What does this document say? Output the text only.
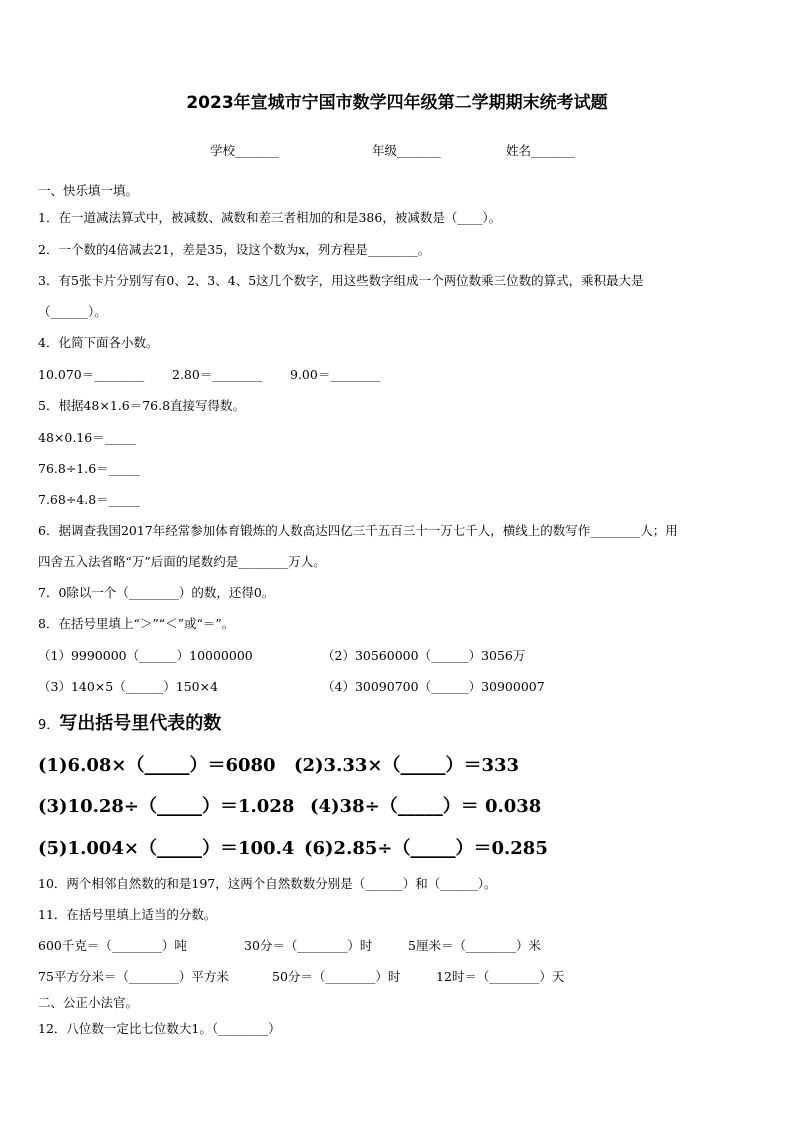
2023年宣城市宁国市数学四年级第二学期期末统考试题
学校_______	年级_______	姓名_______
一、快乐填一填。
1．在一道减法算式中，被减数、减数和差三者相加的和是386，被减数是（____）。
2．一个数的4倍减去21，差是35，设这个数为x，列方程是________。
3．有5张卡片分别写有0、2、3、4、5这几个数字，用这些数字组成一个两位数乘三位数的算式，乘积最大是
（______）。
4．化简下面各小数。
10.070＝________ 2.80＝________ 9.00＝________
5．根据48×1.6＝76.8直接写得数。
48×0.16＝_____
76.8÷1.6＝_____
7.68÷4.8＝_____
6．据调查我国2017年经常参加体育锻炼的人数高达四亿三千五百三十一万七千人，横线上的数写作________人；用
四舍五入法省略“万”后面的尾数约是________万人。
7．0除以一个（________）的数，还得0。
8．在括号里填上“＞”“＜”或“＝”。
（1）9990000（______）10000000	（2）30560000（______）3056万
（3）140×5（______）150×4	（4）30090700（______）30900007
9．写出括号里代表的数
(1)6.08×（_____）＝6080 (2)3.33×（_____）＝333
(3)10.28÷（_____）＝1.028 (4)38÷（_____）＝ 0.038
(5)1.004×（_____）＝100.4 (6)2.85÷（_____）＝0.285
10．两个相邻自然数的和是197，这两个自然数数分别是（______）和（______）。
11．在括号里填上适当的分数。
600千克＝（________）吨	30分＝（________）时	5厘米＝（________）米
75平方分米＝（________）平方米	50分＝（________）时	12时＝（________）天
二、公正小法官。
12．八位数一定比七位数大1。（________）
